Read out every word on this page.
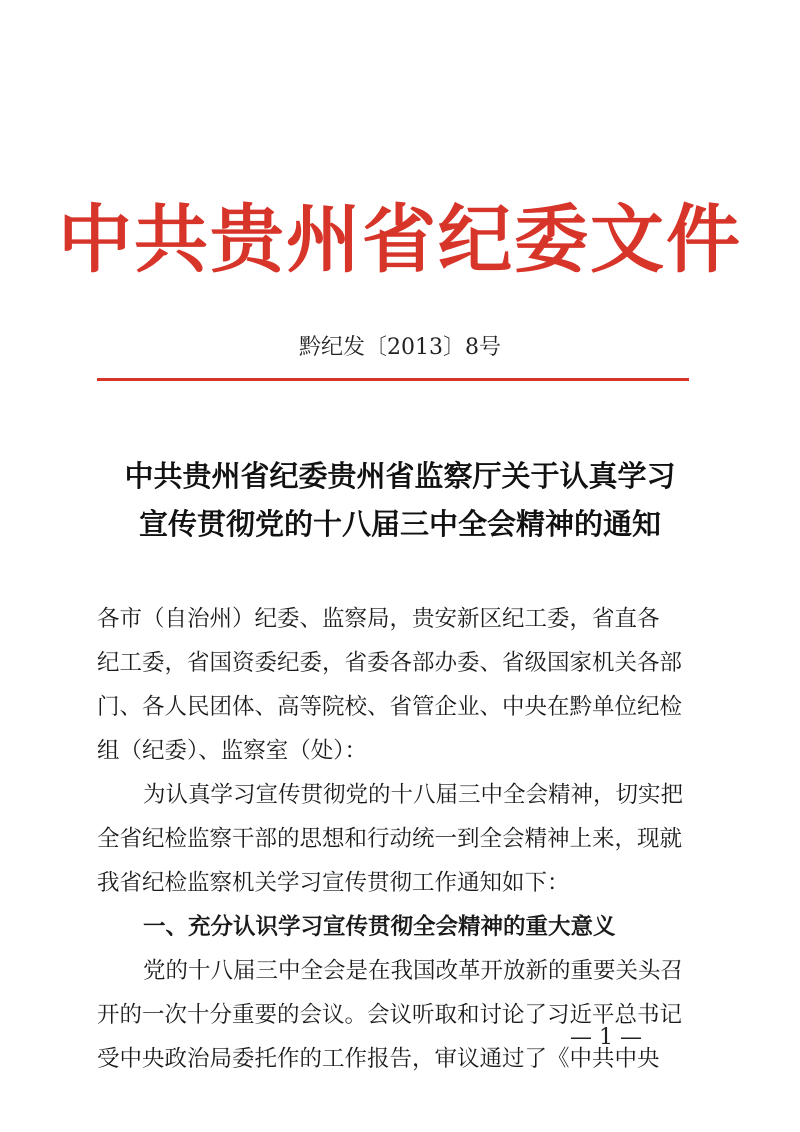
中共贵州省纪委文件
黔纪发〔2013〕8号
中共贵州省纪委贵州省监察厅关于认真学习
宣传贯彻党的十八届三中全会精神的通知
各市（自治州）纪委、监察局，贵安新区纪工委，省直各
纪工委，省国资委纪委，省委各部办委、省级国家机关各部
门、各人民团体、高等院校、省管企业、中央在黔单位纪检
组（纪委）、监察室（处）：
为认真学习宣传贯彻党的十八届三中全会精神，切实把
全省纪检监察干部的思想和行动统一到全会精神上来，现就
我省纪检监察机关学习宣传贯彻工作通知如下：
一、充分认识学习宣传贯彻全会精神的重大意义
党的十八届三中全会是在我国改革开放新的重要关头召
开的一次十分重要的会议。会议听取和讨论了习近平总书记
受中央政治局委托作的工作报告，审议通过了《中共中央
— 1 —
